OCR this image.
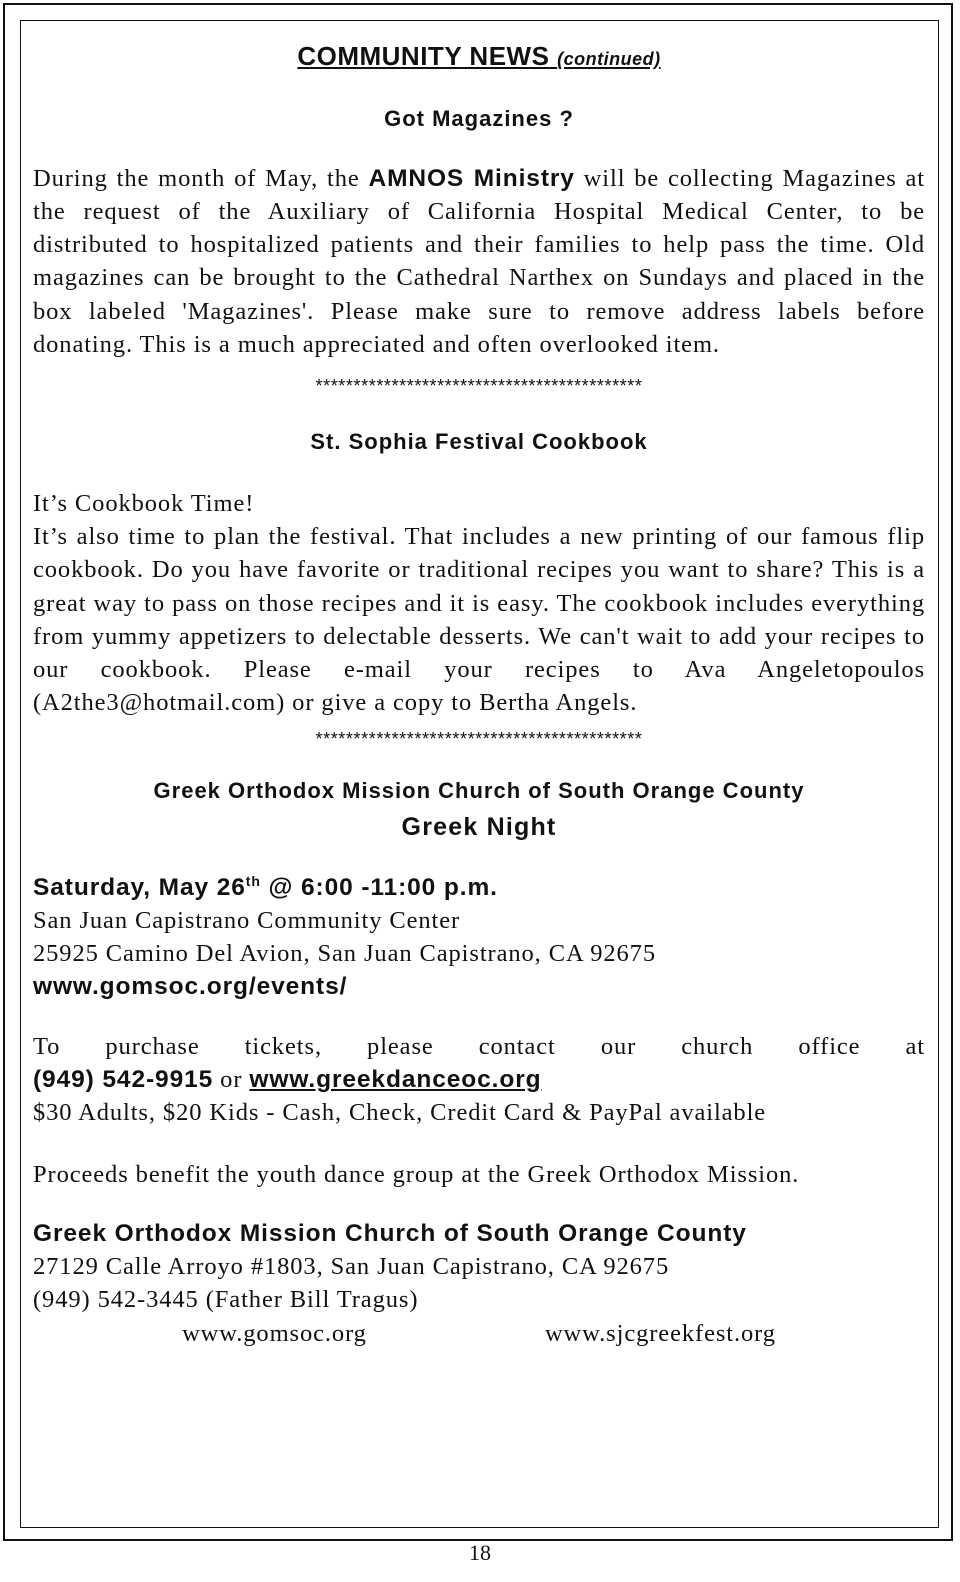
COMMUNITY NEWS (continued)
Got Magazines ?

During the month of May, the AMNOS Ministry will be collecting Magazines at the request of the Auxiliary of California Hospital Medical Center, to be distributed to hospitalized patients and their families to help pass the time. Old magazines can be brought to the Cathedral Narthex on Sundays and placed in the box labeled 'Magazines'. Please make sure to remove address labels before donating. This is a much appreciated and often overlooked item.

*******************************************
St. Sophia Festival Cookbook

It’s Cookbook Time!

It’s also time to plan the festival. That includes a new printing of our famous flip cookbook. Do you have favorite or traditional recipes you want to share? This is a great way to pass on those recipes and it is easy. The cookbook includes everything from yummy appetizers to delectable desserts. We can't wait to add your recipes to our cookbook. Please e-mail your recipes to Ava Angeletopoulos (A2the3@hotmail.com) or give a copy to Bertha Angels.

*******************************************
Greek Orthodox Mission Church of South Orange County
Greek Night

Saturday, May 26th @ 6:00 -11:00 p.m.

San Juan Capistrano Community Center

25925 Camino Del Avion, San Juan Capistrano, CA 92675

www.gomsoc.org/events/

To purchase tickets, please contact our church office at

(949) 542-9915 or www.greekdanceoc.org

$30 Adults, $20 Kids - Cash, Check, Credit Card & PayPal available

Proceeds benefit the youth dance group at the Greek Orthodox Mission.

Greek Orthodox Mission Church of South Orange County

27129 Calle Arroyo #1803, San Juan Capistrano, CA 92675

(949) 542-3445 (Father Bill Tragus)

www.gomsoc.org	www.sjcgreekfest.org
18
